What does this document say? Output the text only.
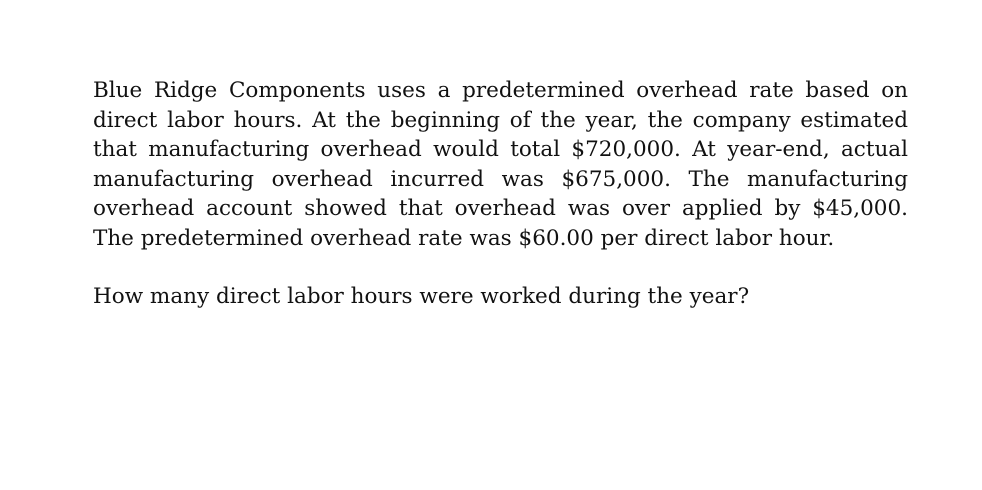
Blue Ridge Components uses a predetermined overhead rate based on direct labor hours. At the beginning of the year, the company estimated that manufacturing overhead would total $720,000. At year-end, actual manufacturing overhead incurred was $675,000. The manufacturing overhead account showed that overhead was over applied by $45,000. The predetermined overhead rate was $60.00 per direct labor hour.

How many direct labor hours were worked during the year?
